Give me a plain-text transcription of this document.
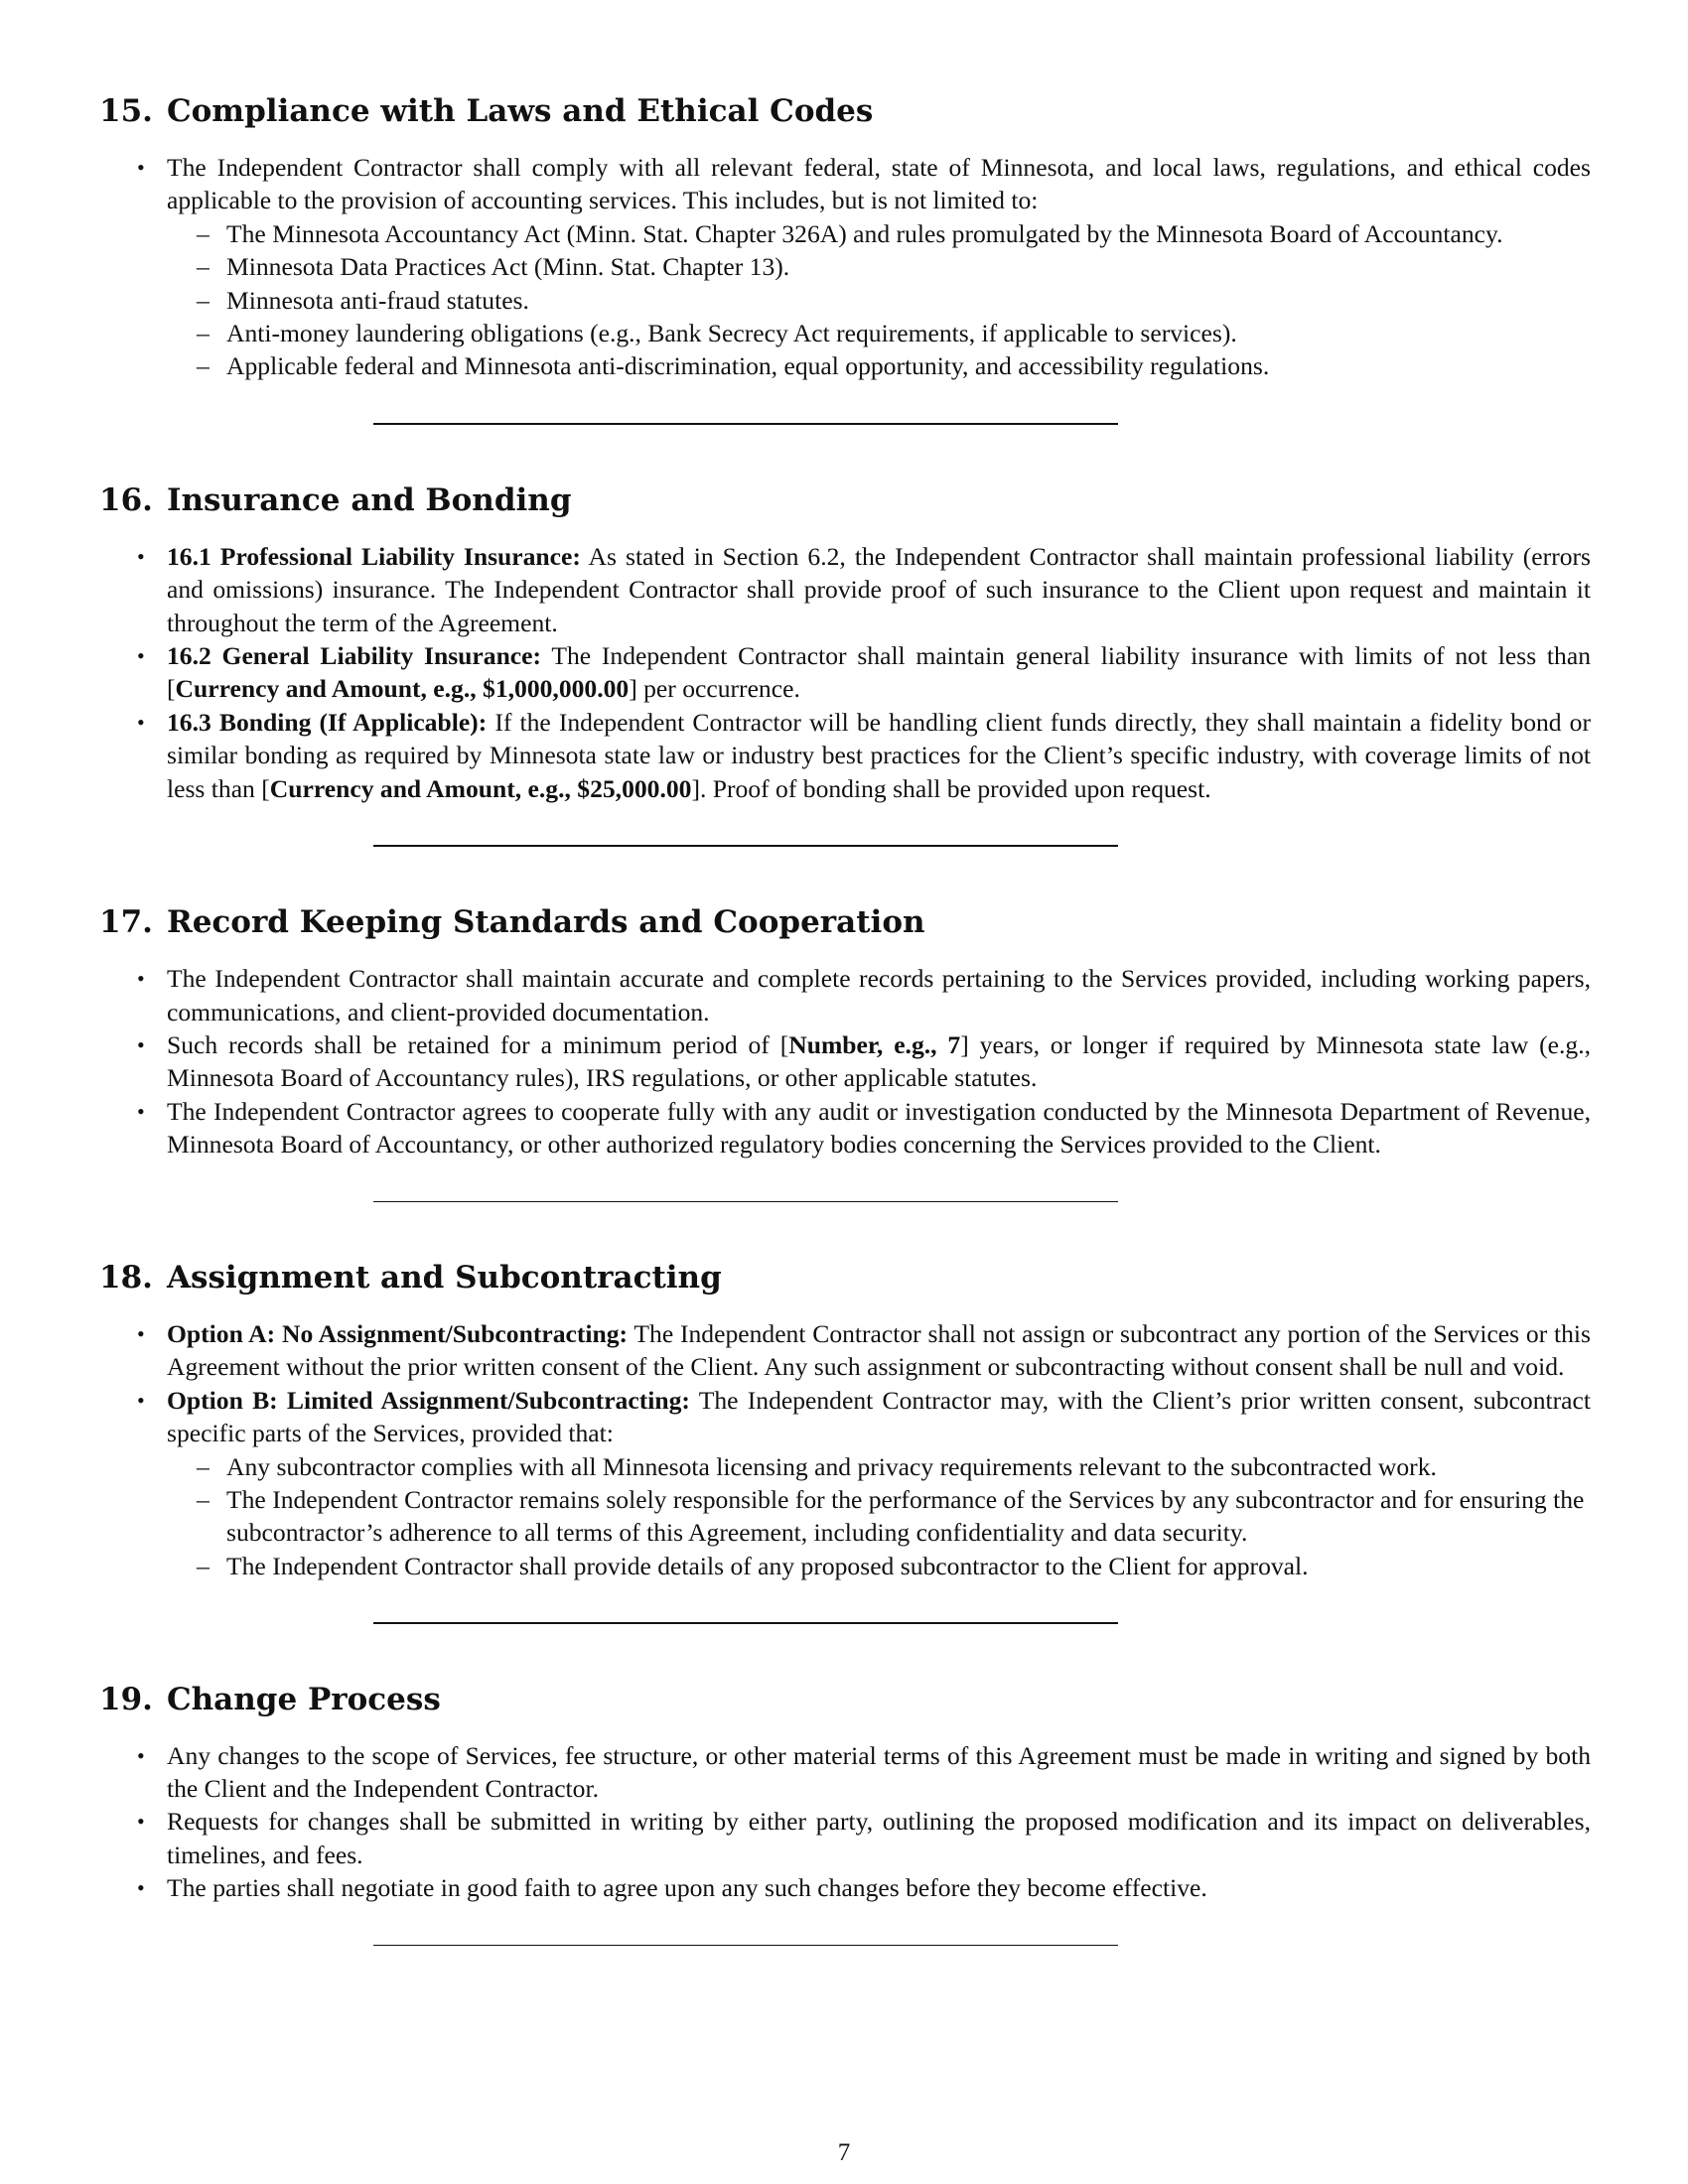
15. Compliance with Laws and Ethical Codes
• The Independent Contractor shall comply with all relevant federal, state of Minnesota, and local laws, regulations, and ethical codes applicable to the provision of accounting services. This includes, but is not limited to:
– The Minnesota Accountancy Act (Minn. Stat. Chapter 326A) and rules promulgated by the Minnesota Board of Accountancy.
– Minnesota Data Practices Act (Minn. Stat. Chapter 13).
– Minnesota anti-fraud statutes.
– Anti-money laundering obligations (e.g., Bank Secrecy Act requirements, if applicable to services).
– Applicable federal and Minnesota anti-discrimination, equal opportunity, and accessibility regulations.
16. Insurance and Bonding
• 16.1 Professional Liability Insurance: As stated in Section 6.2, the Independent Contractor shall maintain professional liability (errors and omissions) insurance. The Independent Contractor shall provide proof of such insurance to the Client upon request and maintain it throughout the term of the Agreement.
• 16.2 General Liability Insurance: The Independent Contractor shall maintain general liability insurance with limits of not less than [Currency and Amount, e.g., $1,000,000.00] per occurrence.
• 16.3 Bonding (If Applicable): If the Independent Contractor will be handling client funds directly, they shall maintain a fidelity bond or similar bonding as required by Minnesota state law or industry best practices for the Client’s specific industry, with coverage limits of not less than [Currency and Amount, e.g., $25,000.00]. Proof of bonding shall be provided upon request.
17. Record Keeping Standards and Cooperation
• The Independent Contractor shall maintain accurate and complete records pertaining to the Services provided, including working papers, communications, and client-provided documentation.
• Such records shall be retained for a minimum period of [Number, e.g., 7] years, or longer if required by Minnesota state law (e.g., Minnesota Board of Accountancy rules), IRS regulations, or other applicable statutes.
• The Independent Contractor agrees to cooperate fully with any audit or investigation conducted by the Minnesota Department of Revenue, Minnesota Board of Accountancy, or other authorized regulatory bodies concerning the Services provided to the Client.
18. Assignment and Subcontracting
• Option A: No Assignment/Subcontracting: The Independent Contractor shall not assign or subcontract any portion of the Services or this Agreement without the prior written consent of the Client. Any such assignment or subcontracting without consent shall be null and void.
• Option B: Limited Assignment/Subcontracting: The Independent Contractor may, with the Client’s prior written consent, subcontract specific parts of the Services, provided that:
– Any subcontractor complies with all Minnesota licensing and privacy requirements relevant to the subcontracted work.
– The Independent Contractor remains solely responsible for the performance of the Services by any subcontractor and for ensuring the subcontractor’s adherence to all terms of this Agreement, including confidentiality and data security.
– The Independent Contractor shall provide details of any proposed subcontractor to the Client for approval.
19. Change Process
• Any changes to the scope of Services, fee structure, or other material terms of this Agreement must be made in writing and signed by both the Client and the Independent Contractor.
• Requests for changes shall be submitted in writing by either party, outlining the proposed modification and its impact on deliverables, timelines, and fees.
• The parties shall negotiate in good faith to agree upon any such changes before they become effective.
7
